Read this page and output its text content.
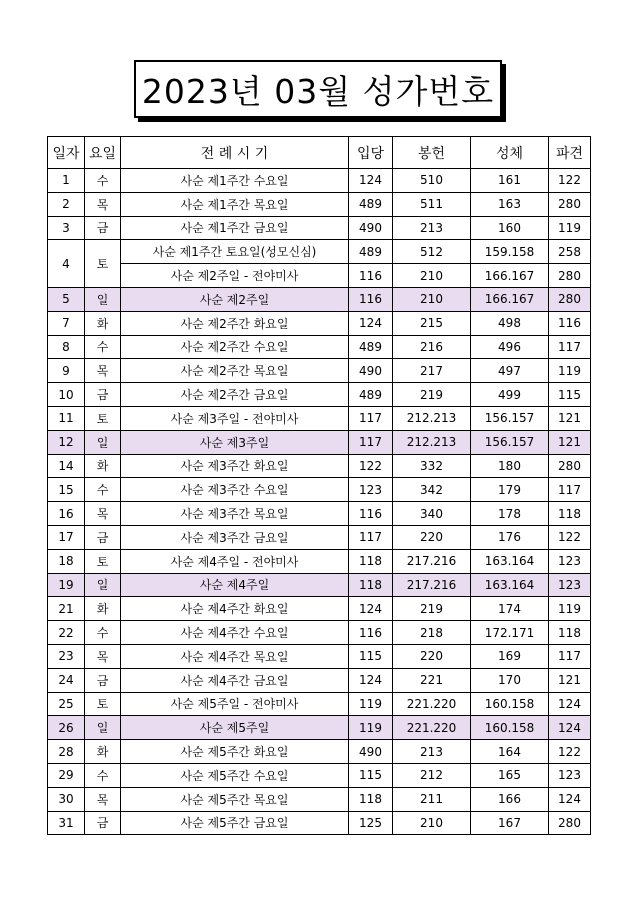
2023년 03월 성가번호
일자	요일	전 례 시 기	입당	봉헌	성체	파견
1	수	사순 제1주간 수요일	124	510	161	122
2	목	사순 제1주간 목요일	489	511	163	280
3	금	사순 제1주간 금요일	490	213	160	119
4	토	사순 제1주간 토요일(성모신심)	489	512	159.158	258
		사순 제2주일 - 전야미사	116	210	166.167	280
5	일	사순 제2주일	116	210	166.167	280
7	화	사순 제2주간 화요일	124	215	498	116
8	수	사순 제2주간 수요일	489	216	496	117
9	목	사순 제2주간 목요일	490	217	497	119
10	금	사순 제2주간 금요일	489	219	499	115
11	토	사순 제3주일 - 전야미사	117	212.213	156.157	121
12	일	사순 제3주일	117	212.213	156.157	121
14	화	사순 제3주간 화요일	122	332	180	280
15	수	사순 제3주간 수요일	123	342	179	117
16	목	사순 제3주간 목요일	116	340	178	118
17	금	사순 제3주간 금요일	117	220	176	122
18	토	사순 제4주일 - 전야미사	118	217.216	163.164	123
19	일	사순 제4주일	118	217.216	163.164	123
21	화	사순 제4주간 화요일	124	219	174	119
22	수	사순 제4주간 수요일	116	218	172.171	118
23	목	사순 제4주간 목요일	115	220	169	117
24	금	사순 제4주간 금요일	124	221	170	121
25	토	사순 제5주일 - 전야미사	119	221.220	160.158	124
26	일	사순 제5주일	119	221.220	160.158	124
28	화	사순 제5주간 화요일	490	213	164	122
29	수	사순 제5주간 수요일	115	212	165	123
30	목	사순 제5주간 목요일	118	211	166	124
31	금	사순 제5주간 금요일	125	210	167	280
